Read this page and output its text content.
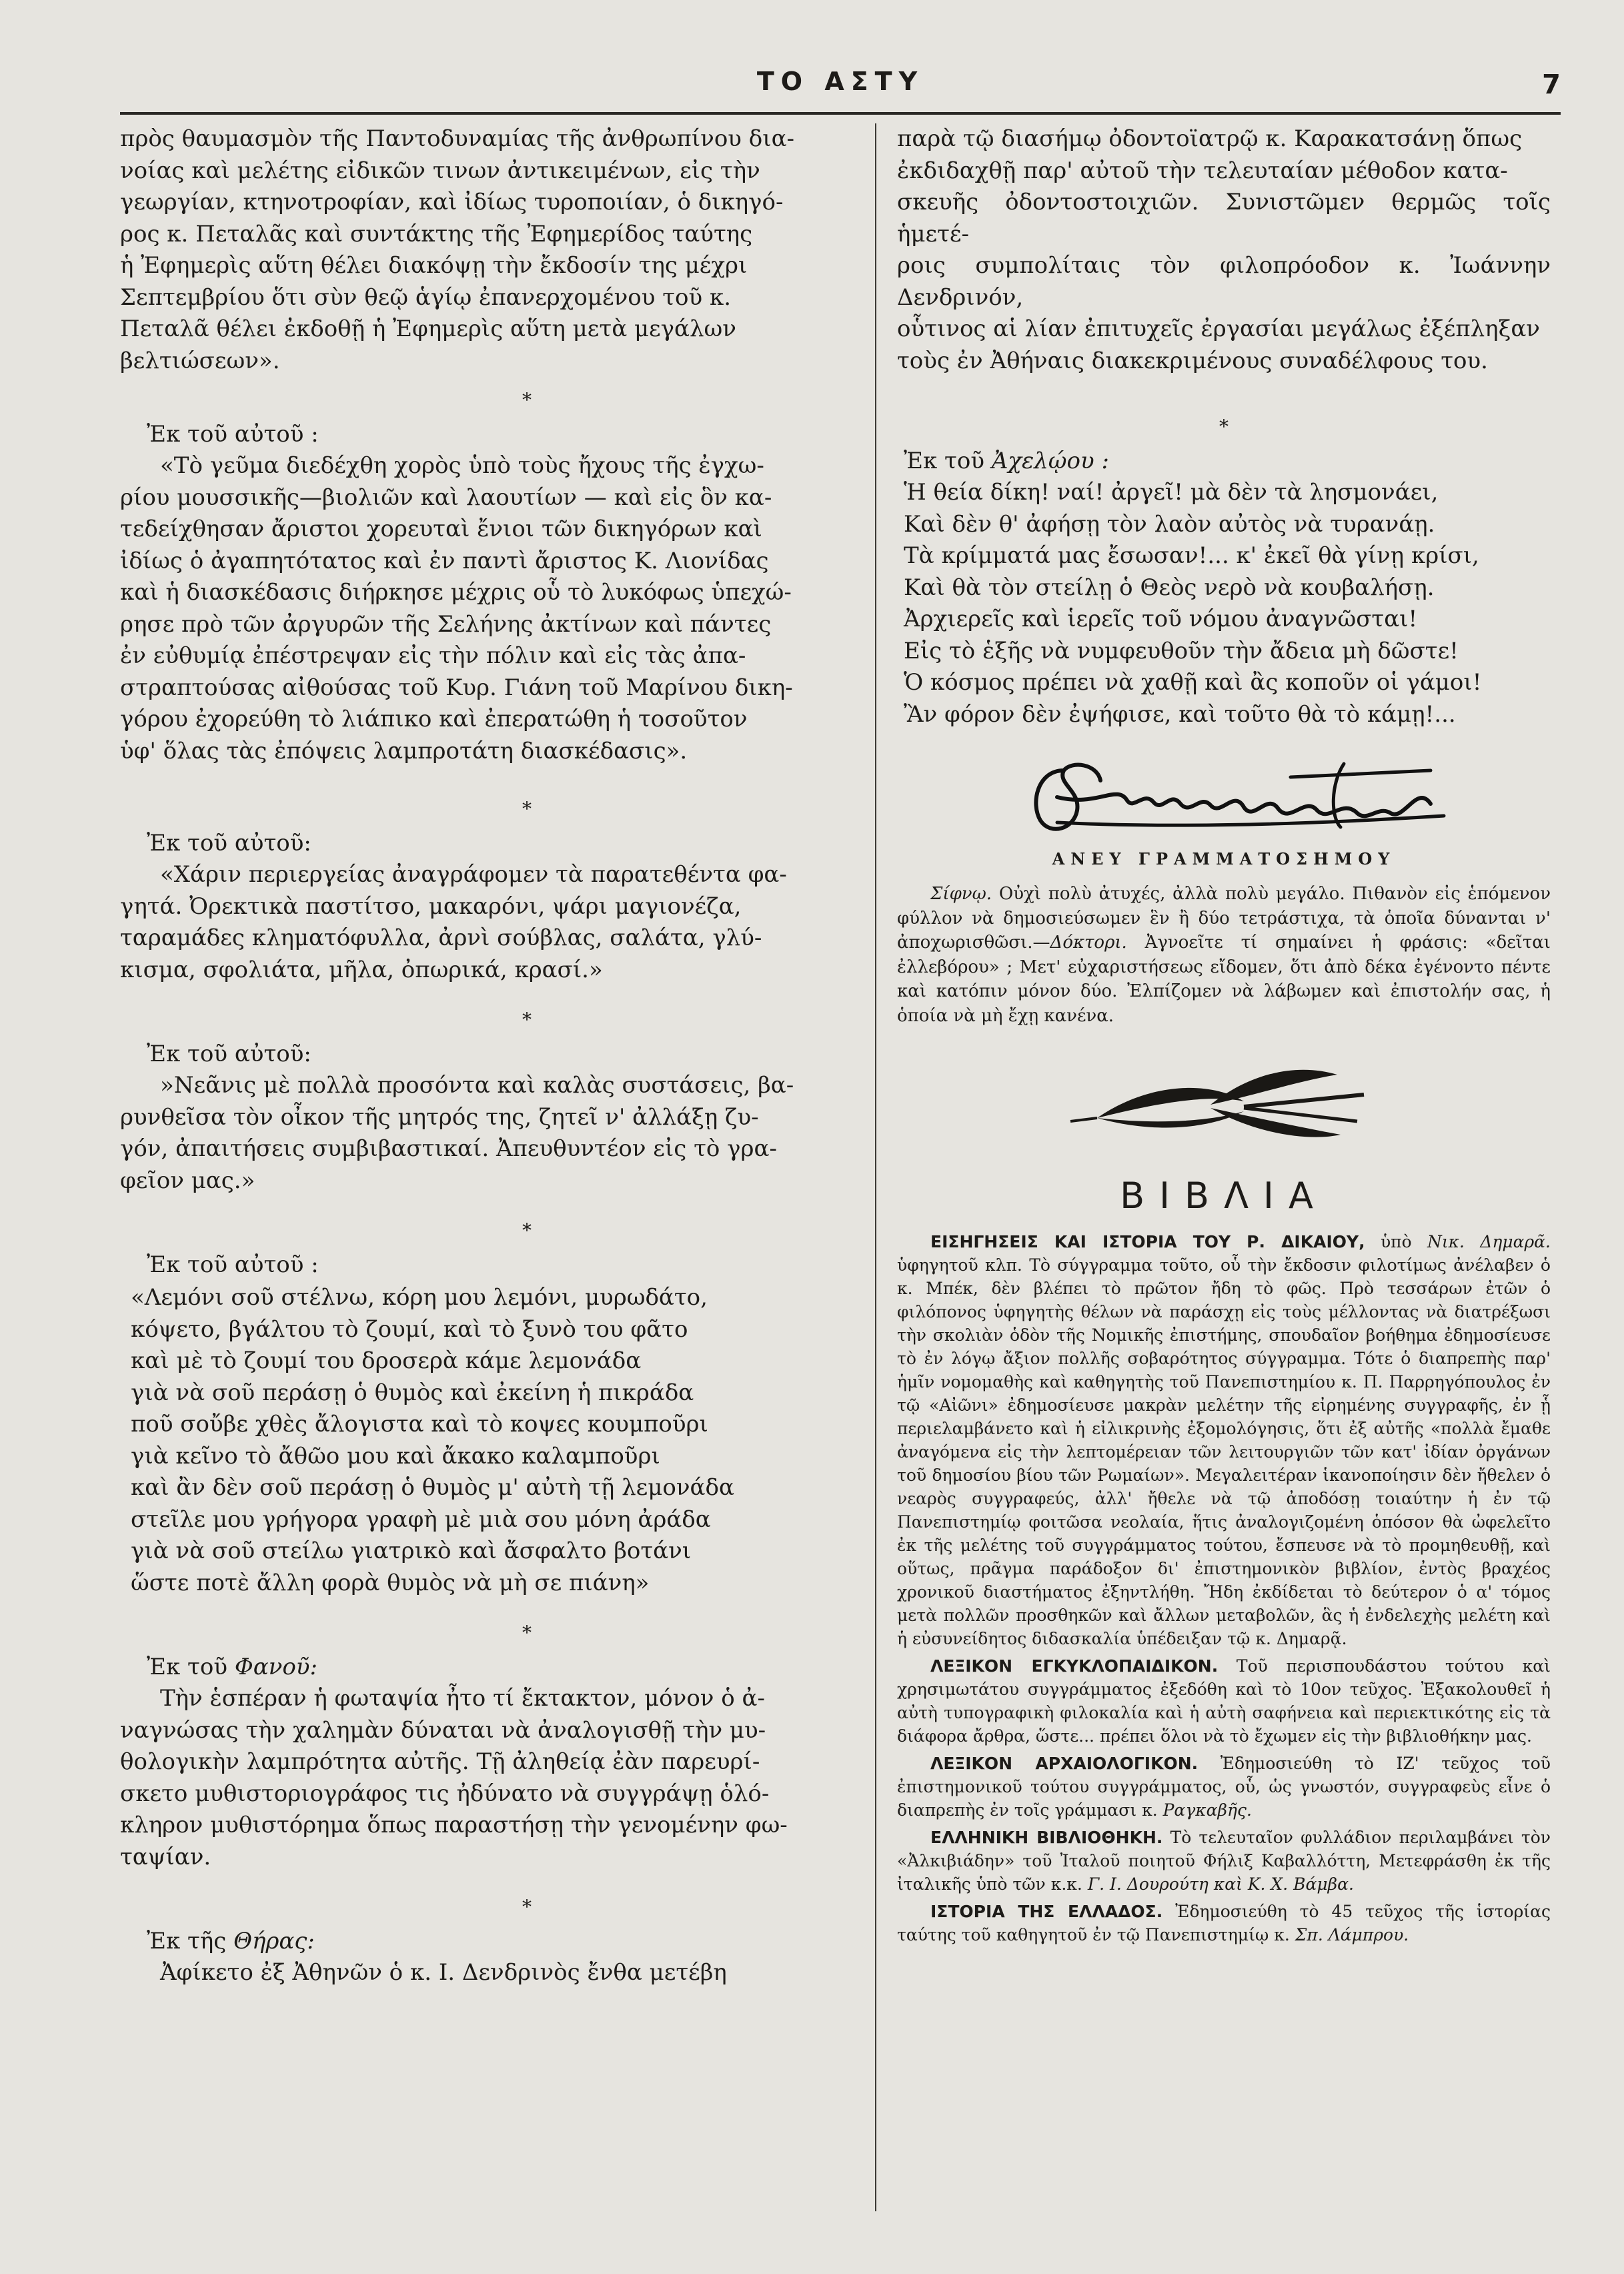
ΤΟ ΑΣΤΥ	7

πρὸς θαυμασμὸν τῆς Παντοδυναμίας τῆς ἀνθρωπίνου δια-

νοίας καὶ μελέτης εἰδικῶν τινων ἀντικειμένων, εἰς τὴν

γεωργίαν, κτηνοτροφίαν, καὶ ἰδίως τυροποιίαν, ὁ δικηγό-

ρος κ. Πεταλᾶς καὶ συντάκτης τῆς Ἐφημερίδος ταύτης

ἡ Ἐφημερὶς αὕτη θέλει διακόψῃ τὴν ἔκδοσίν της μέχρι

Σεπτεμβρίου ὅτι σὺν θεῷ ἁγίῳ ἐπανερχομένου τοῦ κ.

Πεταλᾶ θέλει ἐκδοθῇ ἡ Ἐφημερὶς αὕτη μετὰ μεγάλων

βελτιώσεων».

*

Ἐκ τοῦ αὐτοῦ :

«Τὸ γεῦμα διεδέχθη χορὸς ὑπὸ τοὺς ἤχους τῆς ἐγχω-

ρίου μουσσικῆς—βιολιῶν καὶ λαουτίων — καὶ εἰς ὃν κα-

τεδείχθησαν ἄριστοι χορευταὶ ἔνιοι τῶν δικηγόρων καὶ

ἰδίως ὁ ἀγαπητότατος καὶ ἐν παντὶ ἄριστος Κ. Λιονίδας

καὶ ἡ διασκέδασις διήρκησε μέχρις οὗ τὸ λυκόφως ὑπεχώ-

ρησε πρὸ τῶν ἀργυρῶν τῆς Σελήνης ἀκτίνων καὶ πάντες

ἐν εὐθυμίᾳ ἐπέστρεψαν εἰς τὴν πόλιν καὶ εἰς τὰς ἀπα-

στραπτούσας αἰθούσας τοῦ Κυρ. Γιάνη τοῦ Μαρίνου δικη-

γόρου ἐχορεύθη τὸ λιάπικο καὶ ἐπερατώθη ἡ τοσοῦτον

ὑφ' ὅλας τὰς ἐπόψεις λαμπροτάτη διασκέδασις».

*

Ἐκ τοῦ αὐτοῦ:

«Χάριν περιεργείας ἀναγράφομεν τὰ παρατεθέντα φα-

γητά. Ὀρεκτικὰ παστίτσο, μακαρόνι, ψάρι μαγιονέζα,

ταραμάδες κληματόφυλλα, ἀρνὶ σούβλας, σαλάτα, γλύ-

κισμα, σφολιάτα, μῆλα, ὀπωρικά, κρασί.»

*

Ἐκ τοῦ αὐτοῦ:

»Νεᾶνις μὲ πολλὰ προσόντα καὶ καλὰς συστάσεις, βα-

ρυνθεῖσα τὸν οἶκον τῆς μητρός της, ζητεῖ ν' ἀλλάξῃ ζυ-

γόν, ἀπαιτήσεις συμβιβαστικαί. Ἀπευθυντέον εἰς τὸ γρα-

φεῖον μας.»

*

Ἐκ τοῦ αὐτοῦ :

«Λεμόνι σοῦ στέλνω, κόρη μου λεμόνι, μυρωδάτο,

κόψετο, βγάλτου τὸ ζουμί, καὶ τὸ ξυνὸ του φᾶτο

καὶ μὲ τὸ ζουμί του δροσερὰ κάμε λεμονάδα

γιὰ νὰ σοῦ περάσῃ ὁ θυμὸς καὶ ἐκείνη ἡ πικράδα

ποῦ σοὔβε χθὲς ἄλογιστα καὶ τὸ κοψες κουμποῦρι

γιὰ κεῖνο τὸ ἄθῶο μου καὶ ἄκακο καλαμποῦρι

καὶ ἂν δὲν σοῦ περάσῃ ὁ θυμὸς μ' αὐτὴ τῇ λεμονάδα

στεῖλε μου γρήγορα γραφὴ μὲ μιὰ σου μόνη ἀράδα

γιὰ νὰ σοῦ στείλω γιατρικὸ καὶ ἄσφαλτο βοτάνι

ὥστε ποτὲ ἄλλη φορὰ θυμὸς νὰ μὴ σε πιάνη»

*

Ἐκ τοῦ Φανοῦ:

Τὴν ἑσπέραν ἡ φωταψία ἦτο τί ἔκτακτον, μόνον ὁ ἀ-

ναγνώσας τὴν χαλημὰν δύναται νὰ ἀναλογισθῇ τὴν μυ-

θολογικὴν λαμπρότητα αὐτῆς. Τῇ ἀληθείᾳ ἐὰν παρευρί-

σκετο μυθιστοριογράφος τις ἠδύνατο νὰ συγγράψῃ ὁλό-

κληρον μυθιστόρημα ὅπως παραστήσῃ τὴν γενομένην φω-

ταψίαν.

*

Ἐκ τῆς Θήρας:

Ἀφίκετο ἐξ Ἀθηνῶν ὁ κ. Ι. Δενδρινὸς ἔνθα μετέβη

παρὰ τῷ διασήμῳ ὀδοντοϊατρῷ κ. Καρακατσάνῃ ὅπως

ἐκδιδαχθῇ παρ' αὐτοῦ τὴν τελευταίαν μέθοδον κατα-

σκευῆς ὀδοντοστοιχιῶν. Συνιστῶμεν θερμῶς τοῖς ἡμετέ-

ροις συμπολίταις τὸν φιλοπρόοδον κ. Ἰωάννην Δενδρινόν,

οὗτινος αἱ λίαν ἐπιτυχεῖς ἐργασίαι μεγάλως ἐξέπληξαν

τοὺς ἐν Ἀθήναις διακεκριμένους συναδέλφους του.

*

Ἐκ τοῦ Ἀχελῴου :

Ἡ θεία δίκη! ναί! ἀργεῖ! μὰ δὲν τὰ λησμονάει,

Καὶ δὲν θ' ἀφήσῃ τὸν λαὸν αὐτὸς νὰ τυρανάῃ.

Τὰ κρίμματά μας ἔσωσαν!... κ' ἐκεῖ θὰ γίνῃ κρίσι,

Καὶ θὰ τὸν στείλῃ ὁ Θεὸς νερὸ νὰ κουβαλήσῃ.

Ἀρχιερεῖς καὶ ἱερεῖς τοῦ νόμου ἀναγνῶσται!

Εἰς τὸ ἑξῆς νὰ νυμφευθοῦν τὴν ἄδεια μὴ δῶστε!

Ὁ κόσμος πρέπει νὰ χαθῇ καὶ ἂς κοποῦν οἱ γάμοι!

Ἂν φόρον δὲν ἐψήφισε, καὶ τοῦτο θὰ τὸ κάμῃ!...

ΑΝΕΥ ΓΡΑΜΜΑΤΟΣΗΜΟΥ

Σίφνῳ. Οὐχὶ πολὺ ἀτυχές, ἀλλὰ πολὺ μεγάλο. Πιθανὸν εἰς ἑπόμενον φύλλον νὰ δημοσιεύσωμεν ἓν ἢ δύο τετράστιχα, τὰ ὁποῖα δύνανται ν' ἀποχωρισθῶσι.—Δόκτορι. Ἀγνοεῖτε τί σημαίνει ἡ φράσις: «δεῖται ἐλλεβόρου» ; Μετ' εὐχαριστήσεως εἴδομεν, ὅτι ἀπὸ δέκα ἐγένοντο πέντε καὶ κατόπιν μόνον δύο. Ἐλπίζομεν νὰ λάβωμεν καὶ ἐπιστολήν σας, ἡ ὁποία νὰ μὴ ἔχῃ κανένα.

ΒΙΒΛΙΑ

ΕΙΣΗΓΗΣΕΙΣ ΚΑΙ ΙΣΤΟΡΙΑ ΤΟΥ Ρ. ΔΙΚΑΙΟΥ, ὑπὸ Νικ. Δημαρᾶ. ὑφηγητοῦ κλπ. Τὸ σύγγραμμα τοῦτο, οὗ τὴν ἔκδοσιν φιλοτίμως ἀνέλαβεν ὁ κ. Μπέκ, δὲν βλέπει τὸ πρῶτον ἤδη τὸ φῶς. Πρὸ τεσσάρων ἐτῶν ὁ φιλόπονος ὑφηγητὴς θέλων νὰ παράσχῃ εἰς τοὺς μέλλοντας νὰ διατρέξωσι τὴν σκολιὰν ὁδὸν τῆς Νομικῆς ἐπιστήμης, σπουδαῖον βοήθημα ἐδημοσίευσε τὸ ἐν λόγῳ ἄξιον πολλῆς σοβαρότητος σύγγραμμα. Τότε ὁ διαπρεπὴς παρ' ἡμῖν νομομαθὴς καὶ καθηγητὴς τοῦ Πανεπιστημίου κ. Π. Παρρηγόπουλος ἐν τῷ «Αἰῶνι» ἐδημοσίευσε μακρὰν μελέτην τῆς εἰρημένης συγγραφῆς, ἐν ᾗ περιελαμβάνετο καὶ ἡ εἰλικρινὴς ἐξομολόγησις, ὅτι ἐξ αὐτῆς «πολλὰ ἔμαθε ἀναγόμενα εἰς τὴν λεπτομέρειαν τῶν λειτουργιῶν τῶν κατ' ἰδίαν ὀργάνων τοῦ δημοσίου βίου τῶν Ρωμαίων». Μεγαλειτέραν ἱκανοποίησιν δὲν ἤθελεν ὁ νεαρὸς συγγραφεύς, ἀλλ' ἤθελε νὰ τῷ ἀποδόσῃ τοιαύτην ἡ ἐν τῷ Πανεπιστημίῳ φοιτῶσα νεολαία, ἥτις ἀναλογιζομένη ὁπόσον θὰ ὠφελεῖτο ἐκ τῆς μελέτης τοῦ συγγράμματος τούτου, ἔσπευσε νὰ τὸ προμηθευθῇ, καὶ οὕτως, πρᾶγμα παράδοξον δι' ἐπιστημονικὸν βιβλίον, ἐντὸς βραχέος χρονικοῦ διαστήματος ἐξηντλήθη. Ἤδη ἐκδίδεται τὸ δεύτερον ὁ α' τόμος μετὰ πολλῶν προσθηκῶν καὶ ἄλλων μεταβολῶν, ἃς ἡ ἐνδελεχὴς μελέτη καὶ ἡ εὐσυνείδητος διδασκαλία ὑπέδειξαν τῷ κ. Δημαρᾷ.

ΛΕΞΙΚΟΝ ΕΓΚΥΚΛΟΠΑΙΔΙΚΟΝ. Τοῦ περισπουδάστου τούτου καὶ χρησιμωτάτου συγγράμματος ἐξεδόθη καὶ τὸ 10ον τεῦχος. Ἐξακολουθεῖ ἡ αὐτὴ τυπογραφικὴ φιλοκαλία καὶ ἡ αὐτὴ σαφήνεια καὶ περιεκτικότης εἰς τὰ διάφορα ἄρθρα, ὥστε... πρέπει ὅλοι νὰ τὸ ἔχωμεν εἰς τὴν βιβλιοθήκην μας.

ΛΕΞΙΚΟΝ ΑΡΧΑΙΟΛΟΓΙΚΟΝ. Ἐδημοσιεύθη τὸ ΙΖ' τεῦχος τοῦ ἐπιστημονικοῦ τούτου συγγράμματος, οὗ, ὡς γνωστόν, συγγραφεὺς εἶνε ὁ διαπρεπὴς ἐν τοῖς γράμμασι κ. Ραγκαβῆς.

ΕΛΛΗΝΙΚΗ ΒΙΒΛΙΟΘΗΚΗ. Τὸ τελευταῖον φυλλάδιον περιλαμβάνει τὸν «Ἀλκιβιάδην» τοῦ Ἰταλοῦ ποιητοῦ Φήλιξ Καβαλλόττη, Μετεφράσθη ἐκ τῆς ἰταλικῆς ὑπὸ τῶν κ.κ. Γ. Ι. Δουρούτη καὶ Κ. Χ. Βάμβα.

ΙΣΤΟΡΙΑ ΤΗΣ ΕΛΛΑΔΟΣ. Ἐδημοσιεύθη τὸ 45 τεῦχος τῆς ἱστορίας ταύτης τοῦ καθηγητοῦ ἐν τῷ Πανεπιστημίῳ κ. Σπ. Λάμπρου.
